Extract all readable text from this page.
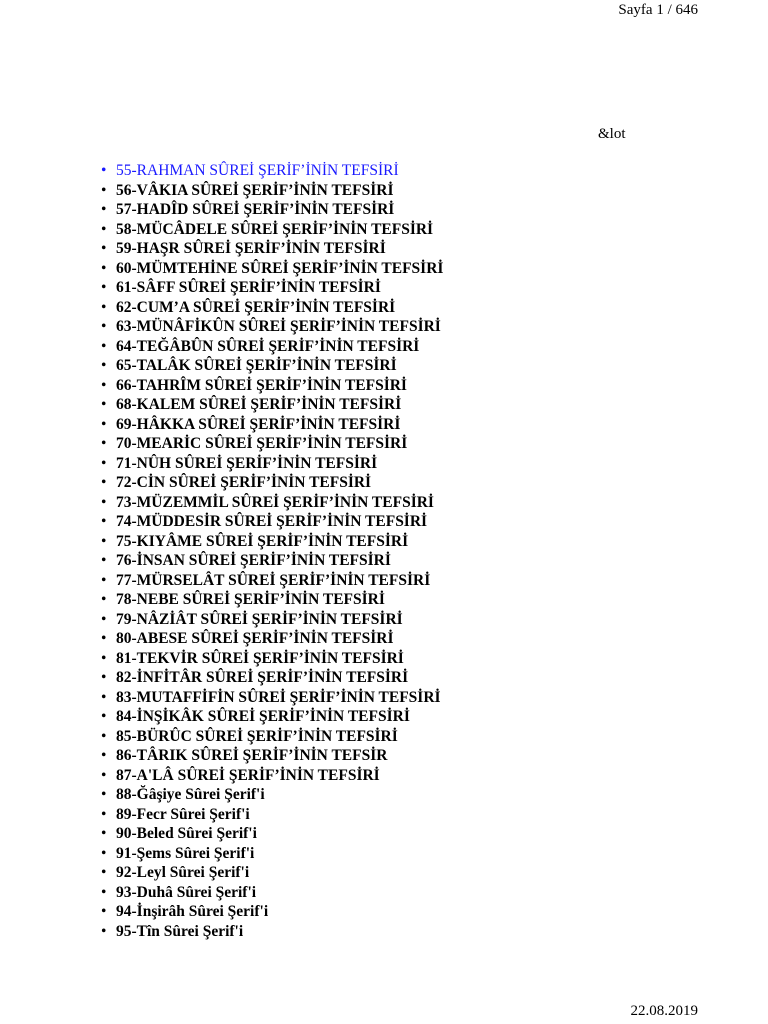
Sayfa 1 / 646
&lot
• 55-RAHMAN SÛREİ ŞERİF’İNİN TEFSİRİ
• 56-VÂKIA SÛREİ ŞERİF’İNİN TEFSİRİ
• 57-HADÎD SÛREİ ŞERİF’İNİN TEFSİRİ
• 58-MÜCÂDELE SÛREİ ŞERİF’İNİN TEFSİRİ
• 59-HAŞR SÛREİ ŞERİF’İNİN TEFSİRİ
• 60-MÜMTEHİNE SÛREİ ŞERİF’İNİN TEFSİRİ
• 61-SÂFF SÛREİ ŞERİF’İNİN TEFSİRİ
• 62-CUM’A SÛREİ ŞERİF’İNİN TEFSİRİ
• 63-MÜNÂFİKÛN SÛREİ ŞERİF’İNİN TEFSİRİ
• 64-TEĞÂBÛN SÛREİ ŞERİF’İNİN TEFSİRİ
• 65-TALÂK SÛREİ ŞERİF’İNİN TEFSİRİ
• 66-TAHRÎM SÛREİ ŞERİF’İNİN TEFSİRİ
• 68-KALEM SÛREİ ŞERİF’İNİN TEFSİRİ
• 69-HÂKKA SÛREİ ŞERİF’İNİN TEFSİRİ
• 70-MEARİC SÛREİ ŞERİF’İNİN TEFSİRİ
• 71-NÛH SÛREİ ŞERİF’İNİN TEFSİRİ
• 72-CİN SÛREİ ŞERİF’İNİN TEFSİRİ
• 73-MÜZEMMİL SÛREİ ŞERİF’İNİN TEFSİRİ
• 74-MÜDDESİR SÛREİ ŞERİF’İNİN TEFSİRİ
• 75-KIYÂME SÛREİ ŞERİF’İNİN TEFSİRİ
• 76-İNSAN SÛREİ ŞERİF’İNİN TEFSİRİ
• 77-MÜRSELÂT SÛREİ ŞERİF’İNİN TEFSİRİ
• 78-NEBE SÛREİ ŞERİF’İNİN TEFSİRİ
• 79-NÂZİÂT SÛREİ ŞERİF’İNİN TEFSİRİ
• 80-ABESE SÛREİ ŞERİF’İNİN TEFSİRİ
• 81-TEKVİR SÛREİ ŞERİF’İNİN TEFSİRİ
• 82-İNFİTÂR SÛREİ ŞERİF’İNİN TEFSİRİ
• 83-MUTAFFİFİN SÛREİ ŞERİF’İNİN TEFSİRİ
• 84-İNŞİKÂK SÛREİ ŞERİF’İNİN TEFSİRİ
• 85-BÜRÛC SÛREİ ŞERİF’İNİN TEFSİRİ
• 86-TÂRIK SÛREİ ŞERİF’İNİN TEFSİR
• 87-A'LÂ SÛREİ ŞERİF’İNİN TEFSİRİ
• 88-Ğâşiye Sûrei Şerif'i
• 89-Fecr Sûrei Şerif'i
• 90-Beled Sûrei Şerif'i
• 91-Şems Sûrei Şerif'i
• 92-Leyl Sûrei Şerif'i
• 93-Duhâ Sûrei Şerif'i
• 94-İnşirâh Sûrei Şerif'i
• 95-Tîn Sûrei Şerif'i
22.08.2019
